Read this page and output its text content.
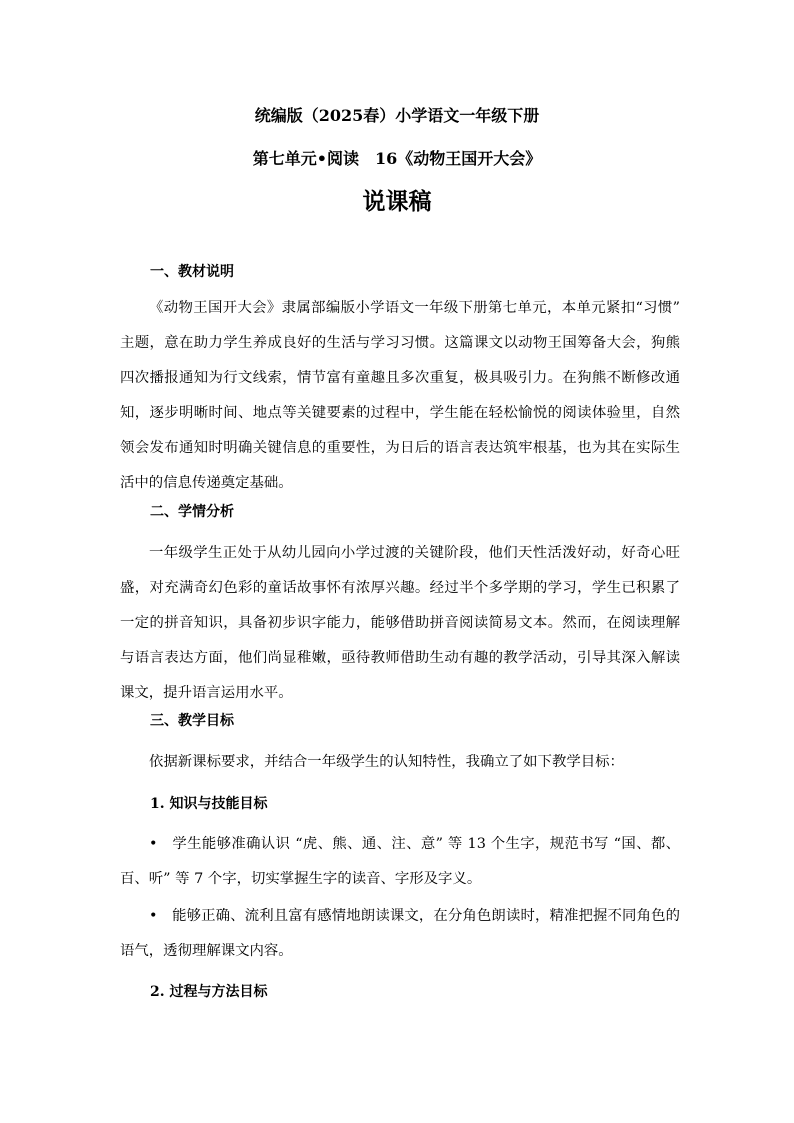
统编版（2025春）小学语文一年级下册
第七单元•阅读　16《动物王国开大会》
说课稿
一、教材说明

《动物王国开大会》隶属部编版小学语文一年级下册第七单元，本单元紧扣“习惯” 主题，意在助力学生养成良好的生活与学习习惯。这篇课文以动物王国筹备大会，狗熊四次播报通知为行文线索，情节富有童趣且多次重复，极具吸引力。在狗熊不断修改通知，逐步明晰时间、地点等关键要素的过程中，学生能在轻松愉悦的阅读体验里，自然领会发布通知时明确关键信息的重要性，为日后的语言表达筑牢根基，也为其在实际生活中的信息传递奠定基础。

二、学情分析

一年级学生正处于从幼儿园向小学过渡的关键阶段，他们天性活泼好动，好奇心旺盛，对充满奇幻色彩的童话故事怀有浓厚兴趣。经过半个多学期的学习，学生已积累了一定的拼音知识，具备初步识字能力，能够借助拼音阅读简易文本。然而，在阅读理解与语言表达方面，他们尚显稚嫩，亟待教师借助生动有趣的教学活动，引导其深入解读课文，提升语言运用水平。

三、教学目标
依据新课标要求，并结合一年级学生的认知特性，我确立了如下教学目标：
1. 知识与技能目标

• 学生能够准确认识 “虎、熊、通、注、意” 等 13 个生字，规范书写 “国、都、百、听” 等 7 个字，切实掌握生字的读音、字形及字义。

• 能够正确、流利且富有感情地朗读课文，在分角色朗读时，精准把握不同角色的语气，透彻理解课文内容。

2. 过程与方法目标
